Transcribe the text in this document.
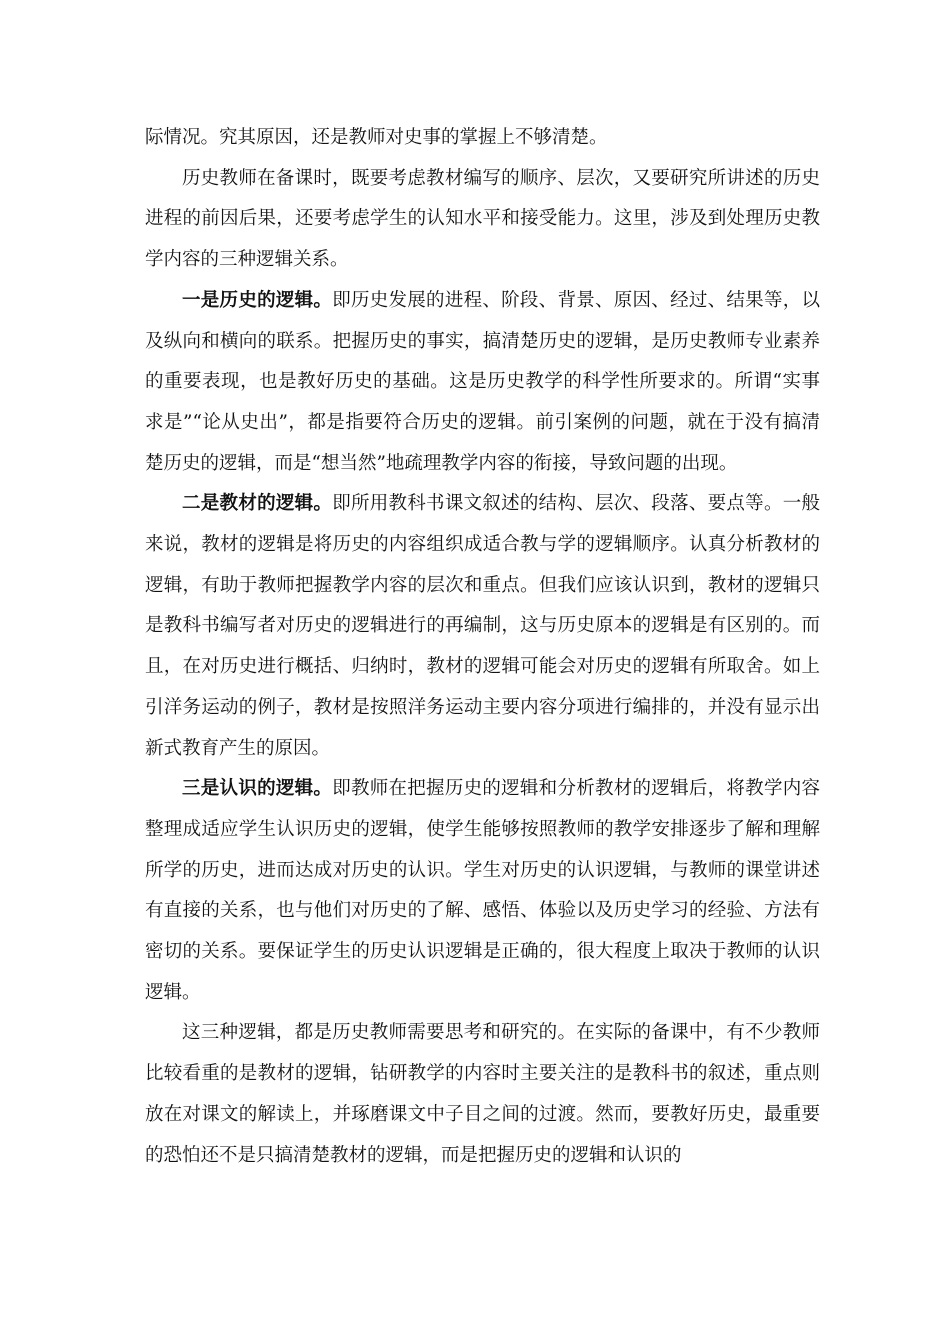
际情况。究其原因，还是教师对史事的掌握上不够清楚。

历史教师在备课时，既要考虑教材编写的顺序、层次，又要研究所讲述的历史进程的前因后果，还要考虑学生的认知水平和接受能力。这里，涉及到处理历史教学内容的三种逻辑关系。

一是历史的逻辑。即历史发展的进程、阶段、背景、原因、经过、结果等，以及纵向和横向的联系。把握历史的事实，搞清楚历史的逻辑，是历史教师专业素养的重要表现，也是教好历史的基础。这是历史教学的科学性所要求的。所谓“实事求是”“论从史出”，都是指要符合历史的逻辑。前引案例的问题，就在于没有搞清楚历史的逻辑，而是“想当然”地疏理教学内容的衔接，导致问题的出现。

二是教材的逻辑。即所用教科书课文叙述的结构、层次、段落、要点等。一般来说，教材的逻辑是将历史的内容组织成适合教与学的逻辑顺序。认真分析教材的逻辑，有助于教师把握教学内容的层次和重点。但我们应该认识到，教材的逻辑只是教科书编写者对历史的逻辑进行的再编制，这与历史原本的逻辑是有区别的。而且，在对历史进行概括、归纳时，教材的逻辑可能会对历史的逻辑有所取舍。如上引洋务运动的例子，教材是按照洋务运动主要内容分项进行编排的，并没有显示出新式教育产生的原因。

三是认识的逻辑。即教师在把握历史的逻辑和分析教材的逻辑后，将教学内容整理成适应学生认识历史的逻辑，使学生能够按照教师的教学安排逐步了解和理解所学的历史，进而达成对历史的认识。学生对历史的认识逻辑，与教师的课堂讲述有直接的关系，也与他们对历史的了解、感悟、体验以及历史学习的经验、方法有密切的关系。要保证学生的历史认识逻辑是正确的，很大程度上取决于教师的认识逻辑。

这三种逻辑，都是历史教师需要思考和研究的。在实际的备课中，有不少教师比较看重的是教材的逻辑，钻研教学的内容时主要关注的是教科书的叙述，重点则放在对课文的解读上，并琢磨课文中子目之间的过渡。然而，要教好历史，最重要的恐怕还不是只搞清楚教材的逻辑，而是把握历史的逻辑和认识的
